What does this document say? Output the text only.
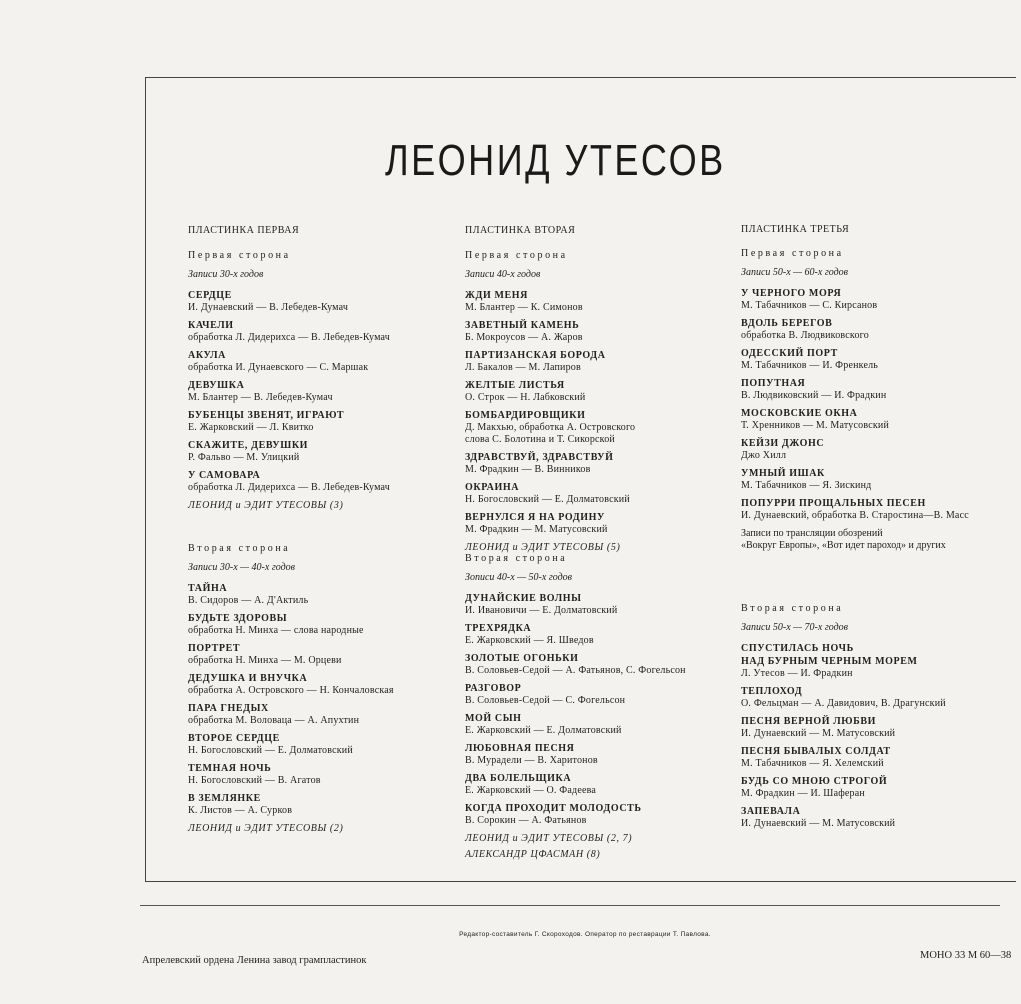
ЛЕОНИД УТЕСОВ
ПЛАСТИНКА ПЕРВАЯ
Первая сторона
Записи 30-х годов
СЕРДЦЕ
И. Дунаевский — В. Лебедев-Кумач
КАЧЕЛИ
обработка Л. Дидерихса — В. Лебедев-Кумач
АКУЛА
обработка И. Дунаевского — С. Маршак
ДЕВУШКА
М. Блантер — В. Лебедев-Кумач
БУБЕНЦЫ ЗВЕНЯТ, ИГРАЮТ
Е. Жарковский — Л. Квитко
СКАЖИТЕ, ДЕВУШКИ
Р. Фальво — М. Улицкий
У САМОВАРА
обработка Л. Дидерихса — В. Лебедев-Кумач
ЛЕОНИД и ЭДИТ УТЕСОВЫ (3)
Вторая сторона
Записи 30-х — 40-х годов
ТАЙНА
В. Сидоров — А. Д'Актиль
БУДЬТЕ ЗДОРОВЫ
обработка Н. Минха — слова народные
ПОРТРЕТ
обработка Н. Минха — М. Орцеви
ДЕДУШКА И ВНУЧКА
обработка А. Островского — Н. Кончаловская
ПАРА ГНЕДЫХ
обработка М. Воловаца — А. Апухтин
ВТОРОЕ СЕРДЦЕ
Н. Богословский — Е. Долматовский
ТЕМНАЯ НОЧЬ
Н. Богословский — В. Агатов
В ЗЕМЛЯНКЕ
К. Листов — А. Сурков
ЛЕОНИД и ЭДИТ УТЕСОВЫ (2)
ПЛАСТИНКА ВТОРАЯ
Первая сторона
Записи 40-х годов
ЖДИ МЕНЯ
М. Блантер — К. Симонов
ЗАВЕТНЫЙ КАМЕНЬ
Б. Мокроусов — А. Жаров
ПАРТИЗАНСКАЯ БОРОДА
Л. Бакалов — М. Лапиров
ЖЕЛТЫЕ ЛИСТЬЯ
О. Строк — Н. Лабковский
БОМБАРДИРОВЩИКИ
Д. Макхью, обработка А. Островского
слова С. Болотина и Т. Сикорской
ЗДРАВСТВУЙ, ЗДРАВСТВУЙ
М. Фрадкин — В. Винников
ОКРАИНА
Н. Богословский — Е. Долматовский
ВЕРНУЛСЯ Я НА РОДИНУ
М. Фрадкин — М. Матусовский
ЛЕОНИД и ЭДИТ УТЕСОВЫ (5)
Вторая сторона
Зописи 40-х — 50-х годов
ДУНАЙСКИЕ ВОЛНЫ
И. Ивановичи — Е. Долматовский
ТРЕХРЯДКА
Е. Жарковский — Я. Шведов
ЗОЛОТЫЕ ОГОНЬКИ
В. Соловьев-Седой — А. Фатьянов, С. Фогельсон
РАЗГОВОР
В. Соловьев-Седой — С. Фогельсон
МОЙ СЫН
Е. Жарковский — Е. Долматовский
ЛЮБОВНАЯ ПЕСНЯ
В. Мурадели — В. Харитонов
ДВА БОЛЕЛЬЩИКА
Е. Жарковский — О. Фадеева
КОГДА ПРОХОДИТ МОЛОДОСТЬ
В. Сорокин — А. Фатьянов
ЛЕОНИД и ЭДИТ УТЕСОВЫ (2, 7)
АЛЕКСАНДР ЦФАСМАН (8)
ПЛАСТИНКА ТРЕТЬЯ
Первая сторона
Записи 50-х — 60-х годов
У ЧЕРНОГО МОРЯ
М. Табачников — С. Кирсанов
ВДОЛЬ БЕРЕГОВ
обработка В. Людвиковского
ОДЕССКИЙ ПОРТ
М. Табачников — И. Френкель
ПОПУТНАЯ
В. Людвиковский — И. Фрадкин
МОСКОВСКИЕ ОКНА
Т. Хренников — М. Матусовский
КЕЙЗИ ДЖОНС
Джо Хилл
УМНЫЙ ИШАК
М. Табачников — Я. Зискинд
ПОПУРРИ ПРОЩАЛЬНЫХ ПЕСЕН
И. Дунаевский, обработка В. Старостина—В. Масс
Записи по трансляции обозрений
«Вокруг Европы», «Вот идет пароход» и других
Вторая сторона
Записи 50-х — 70-х годов
СПУСТИЛАСЬ НОЧЬ
НАД БУРНЫМ ЧЕРНЫМ МОРЕМ
Л. Утесов — И. Фрадкин
ТЕПЛОХОД
О. Фельцман — А. Давидович, В. Драгунский
ПЕСНЯ ВЕРНОЙ ЛЮБВИ
И. Дунаевский — М. Матусовский
ПЕСНЯ БЫВАЛЫХ СОЛДАТ
М. Табачников — Я. Хелемский
БУДЬ СО МНОЮ СТРОГОЙ
М. Фрадкин — И. Шаферан
ЗАПЕВАЛА
И. Дунаевский — М. Матусовский
Редактор-составитель Г. Скороходов. Оператор по реставрации Т. Павлова.
Апрелевский ордена Ленина завод грампластинок	МОНО 33 М 60—38
